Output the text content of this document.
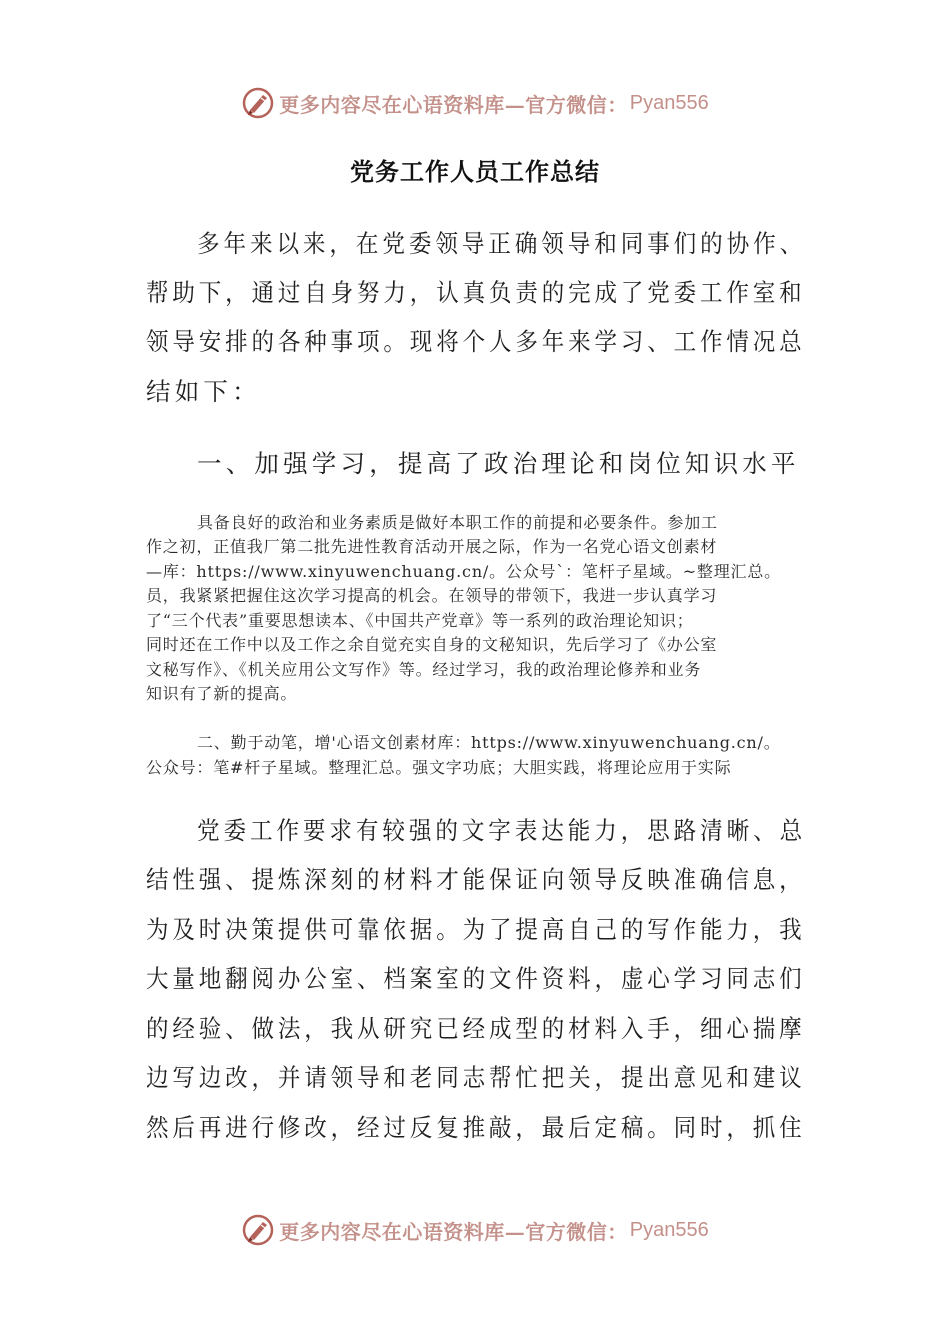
更多内容尽在心语资料库—官方微信： Pyan556
党务工作人员工作总结

多年来以来，在党委领导正确领导和同事们的协作、

帮助下，通过自身努力，认真负责的完成了党委工作室和

领导安排的各种事项。现将个人多年来学习、工作情况总

结如下：

一、加强学习，提高了政治理论和岗位知识水平

具备良好的政治和业务素质是做好本职工作的前提和必要条件。参加工

作之初，正值我厂第二批先进性教育活动开展之际，作为一名党心语文创素材

—库：https://www.xinyuwenchuang.cn/。公众号`：笔杆子星域。~整理汇总。

员，我紧紧把握住这次学习提高的机会。在领导的带领下，我进一步认真学习

了“三个代表”重要思想读本、《中国共产党章》等一系列的政治理论知识；

同时还在工作中以及工作之余自觉充实自身的文秘知识，先后学习了《办公室

文秘写作》、《机关应用公文写作》等。经过学习，我的政治理论修养和业务

知识有了新的提高。

二、勤于动笔，增'心语文创素材库：https://www.xinyuwenchuang.cn/。

公众号：笔#杆子星域。整理汇总。强文字功底；大胆实践，将理论应用于实际

党委工作要求有较强的文字表达能力，思路清晰、总

结性强、提炼深刻的材料才能保证向领导反映准确信息，

为及时决策提供可靠依据。为了提高自己的写作能力，我

大量地翻阅办公室、档案室的文件资料，虚心学习同志们

的经验、做法，我从研究已经成型的材料入手，细心揣摩

边写边改，并请领导和老同志帮忙把关，提出意见和建议

然后再进行修改，经过反复推敲，最后定稿。同时，抓住

更多内容尽在心语资料库—官方微信： Pyan556
